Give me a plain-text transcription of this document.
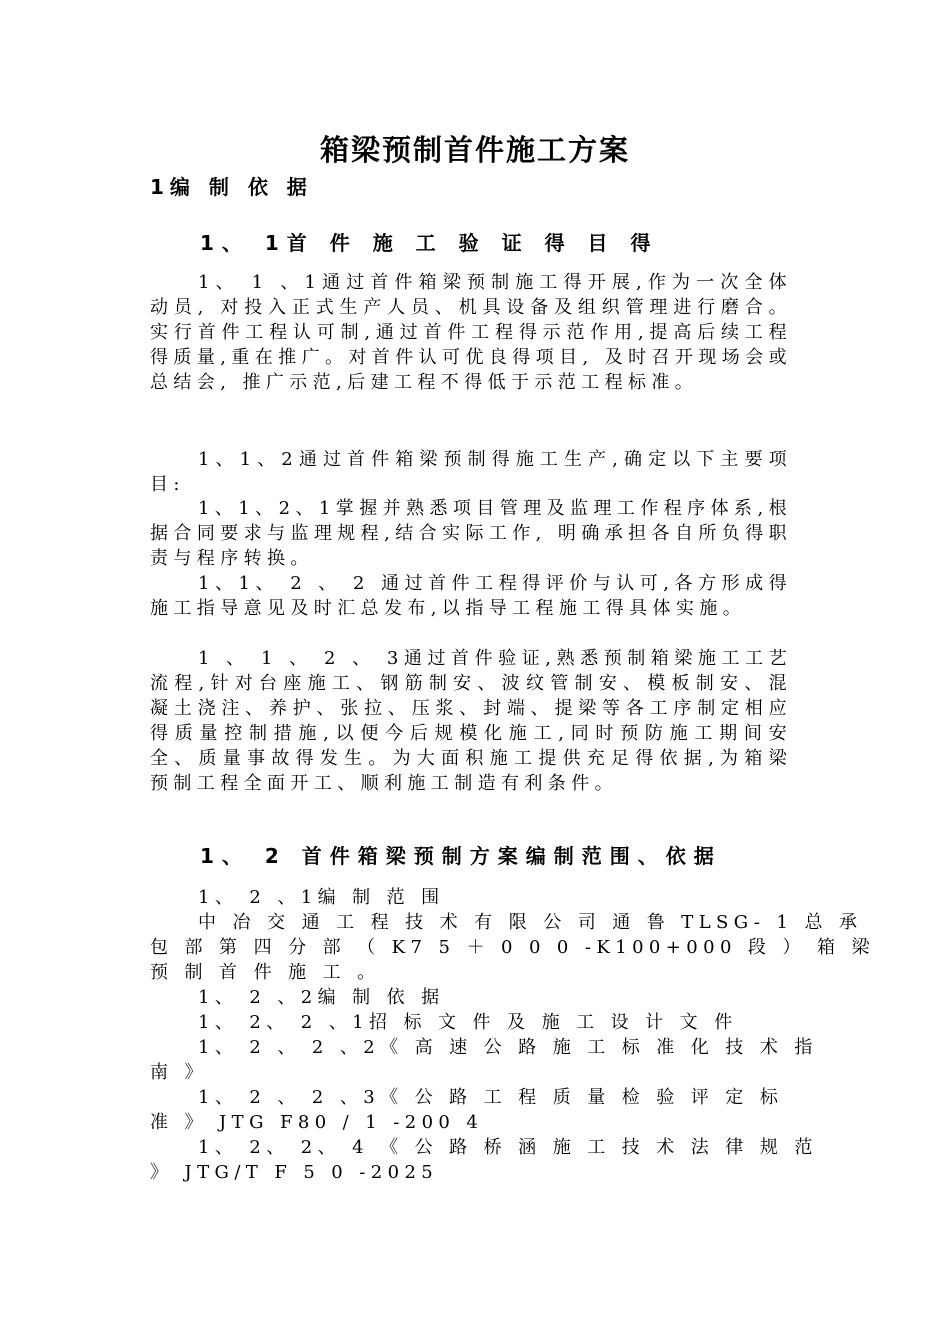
箱梁预制首件施工方案
1编 制 依 据
1、 1首 件 施 工 验 证 得 目 得
1、 1 、1通过首件箱梁预制施工得开展,作为一次全体动员, 对投入正式生产人员、机具设备及组织管理进行磨合。实行首件工程认可制,通过首件工程得示范作用,提高后续工程得质量,重在推广。对首件认可优良得项目, 及时召开现场会或总结会, 推广示范,后建工程不得低于示范工程标准。
1、1、2通过首件箱梁预制得施工生产,确定以下主要项目:
1、1、2、1掌握并熟悉项目管理及监理工作程序体系,根据合同要求与监理规程,结合实际工作, 明确承担各自所负得职责与程序转换。
1、1、 2 、 2 通过首件工程得评价与认可,各方形成得施工指导意见及时汇总发布,以指导工程施工得具体实施。
1 、 1 、 2 、 3通过首件验证,熟悉预制箱梁施工工艺流程,针对台座施工、钢筋制安、波纹管制安、模板制安、混凝土浇注、养护、张拉、压浆、封端、提梁等各工序制定相应得质量控制措施,以便今后规模化施工,同时预防施工期间安全、质量事故得发生。为大面积施工提供充足得依据,为箱梁预制工程全面开工、顺利施工制造有利条件。
1、 2 首件箱梁预制方案编制范围、依据
1、 2 、1编 制 范 围
中 冶 交 通 工 程 技 术 有 限 公 司 通 鲁 TLSG- 1 总 承
包 部 第 四 分 部 （ K7 5 ＋ 0 0 0 -K100+000 段 ） 箱 梁
预 制 首 件 施 工 。
1、 2 、2编 制 依 据
1、 2、 2 、1招 标 文 件 及 施 工 设 计 文 件
1、 2 、 2 、2《 高 速 公 路 施 工 标 准 化 技 术 指
南 》
1、 2 、 2 、3《 公 路 工 程 质 量 检 验 评 定 标
准 》 JTG F80 / 1 -200 4
1、 2、 2、 4 《 公 路 桥 涵 施 工 技 术 法 律 规 范
》 JTG/T F 5 0 -2025
